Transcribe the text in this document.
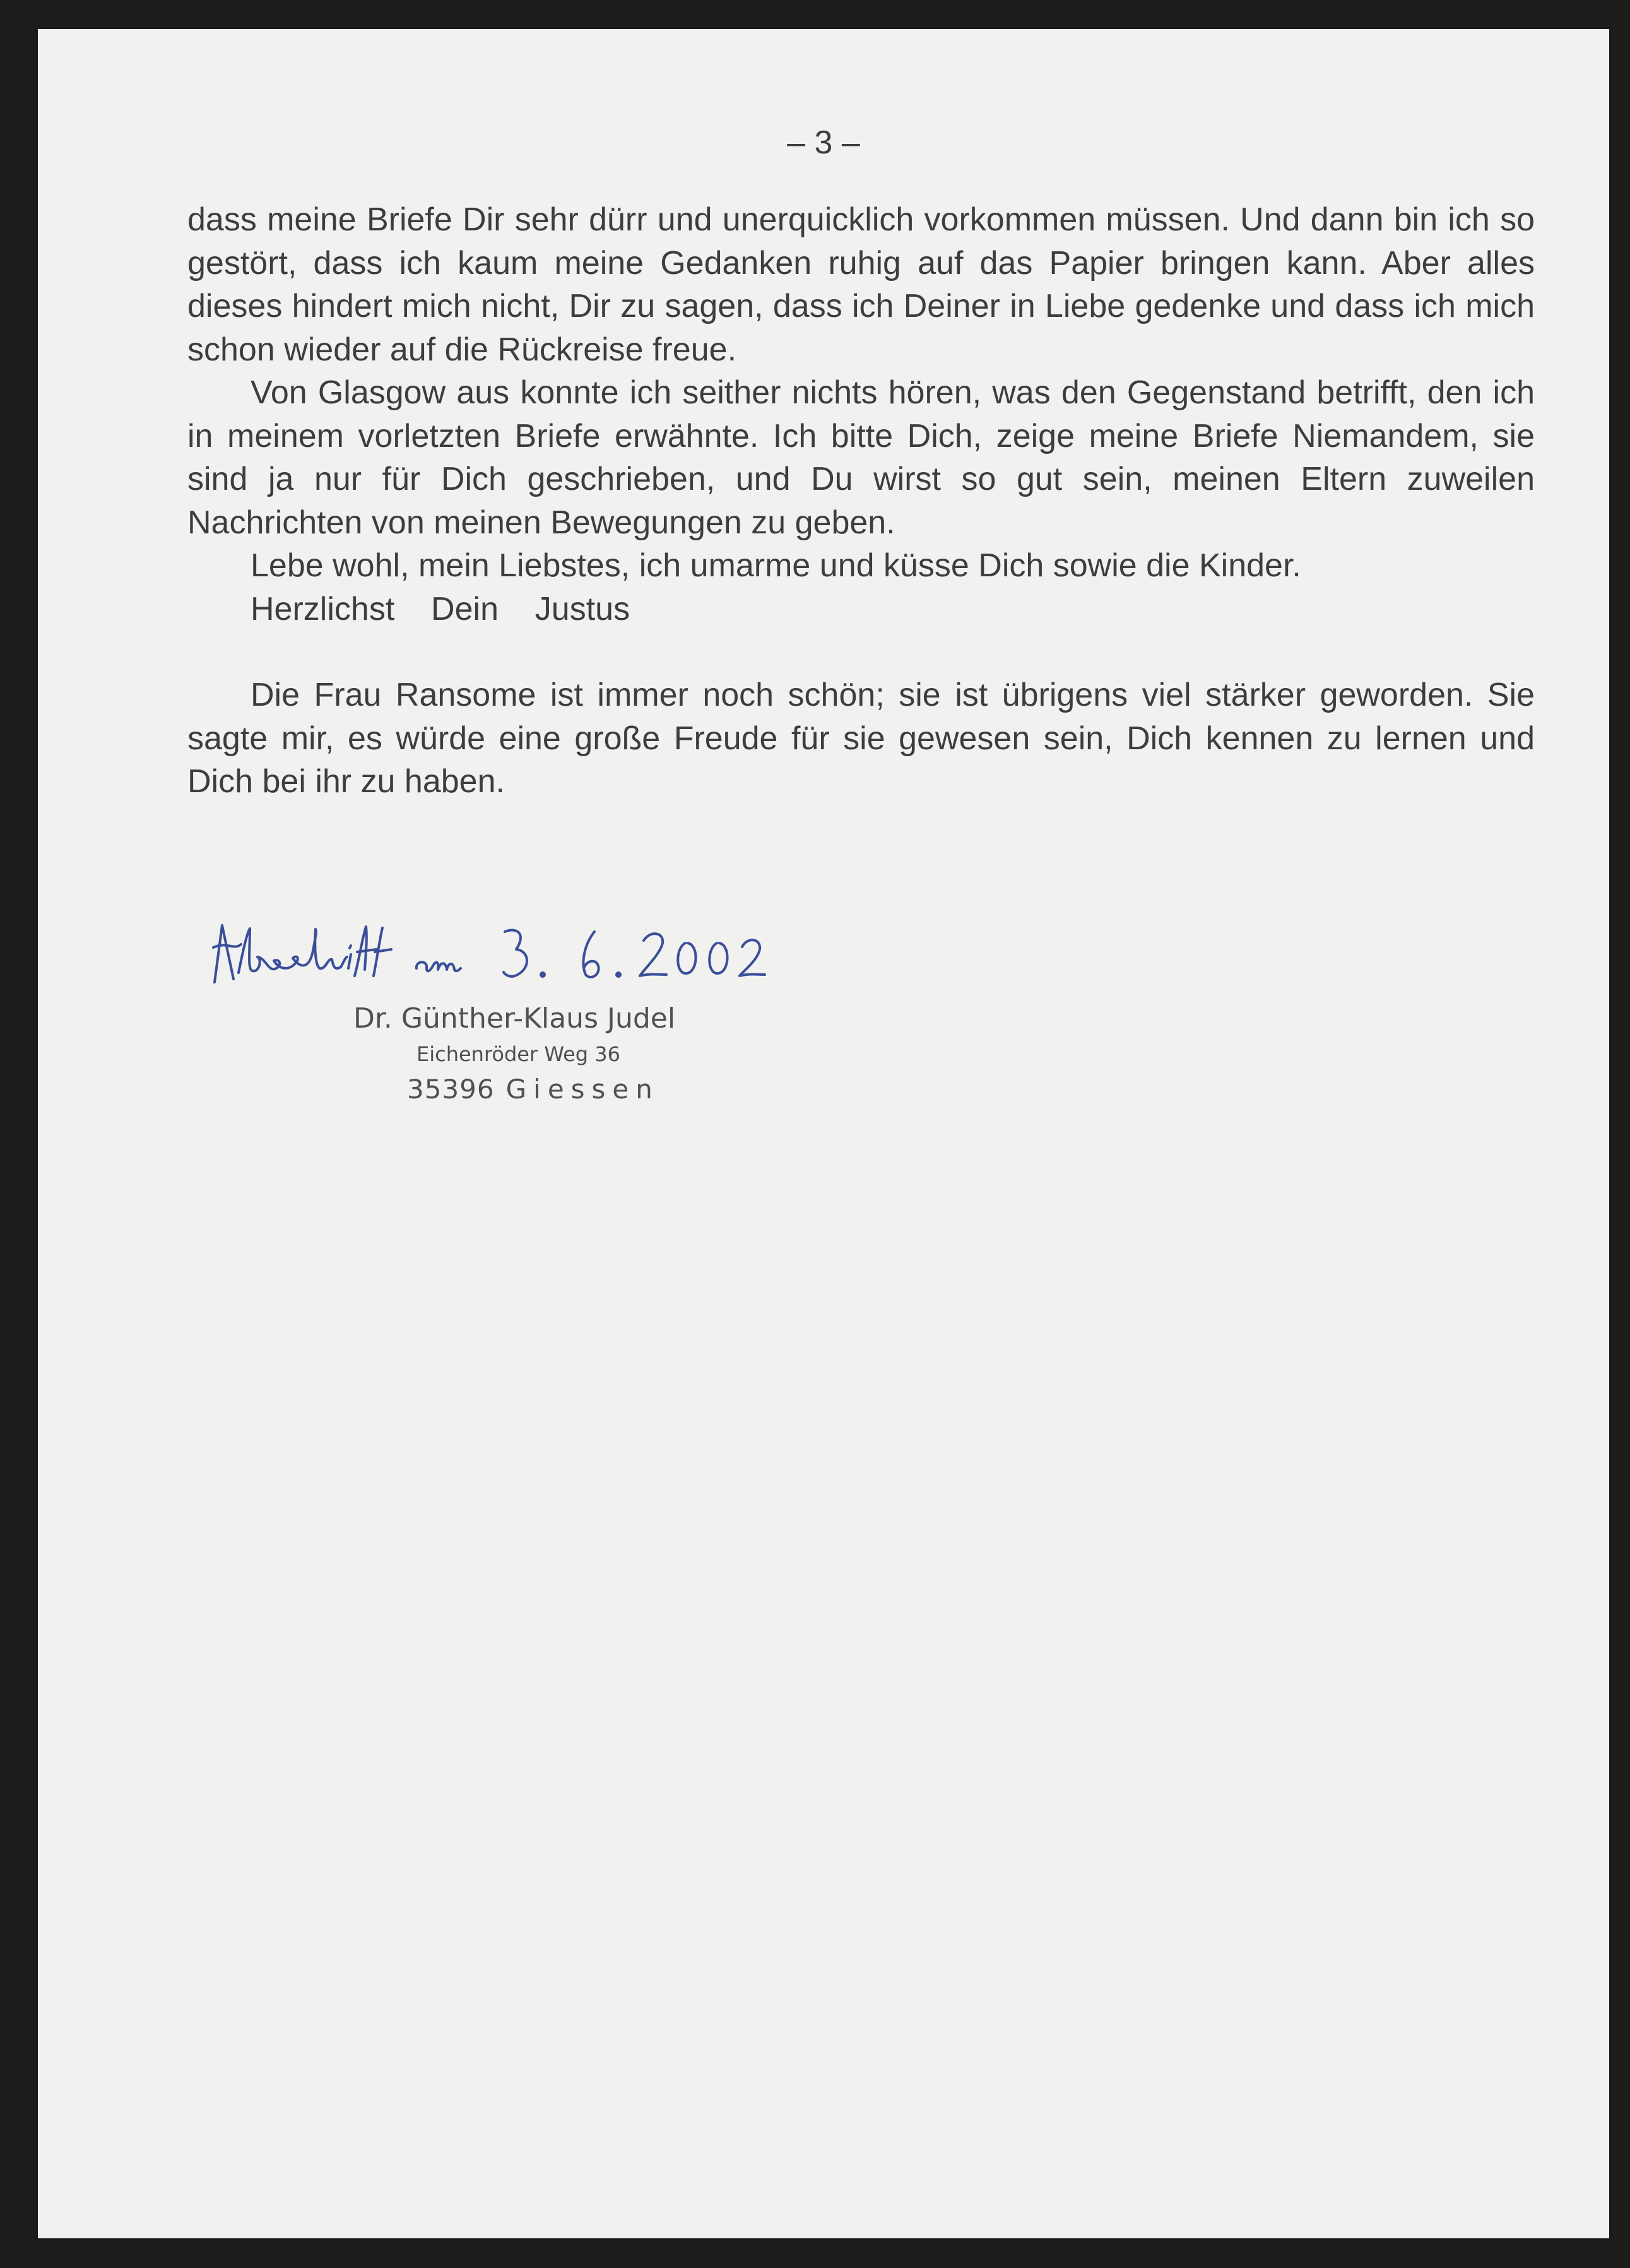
– 3 –

dass meine Briefe Dir sehr dürr und unerquicklich vorkommen müssen. Und dann bin ich so gestört, dass ich kaum meine Gedanken ruhig auf das Papier bringen kann. Aber alles dieses hindert mich nicht, Dir zu sagen, dass ich Deiner in Liebe gedenke und dass ich mich schon wieder auf die Rückreise freue.

Von Glasgow aus konnte ich seither nichts hören, was den Gegenstand betrifft, den ich in meinem vorletzten Briefe erwähnte. Ich bitte Dich, zeige meine Briefe Niemandem, sie sind ja nur für Dich geschrieben, und Du wirst so gut sein, meinen Eltern zuweilen Nachrichten von meinen Bewegungen zu geben.

Lebe wohl, mein Liebstes, ich umarme und küsse Dich sowie die Kinder.

Herzlichst    Dein    Justus

Die Frau Ransome ist immer noch schön; sie ist übrigens viel stärker geworden. Sie sagte mir, es würde eine große Freude für sie gewesen sein, Dich kennen zu lernen und Dich bei ihr zu haben.

Dr. Günther-Klaus Judel

Eichenröder Weg 36

35396 Giessen
